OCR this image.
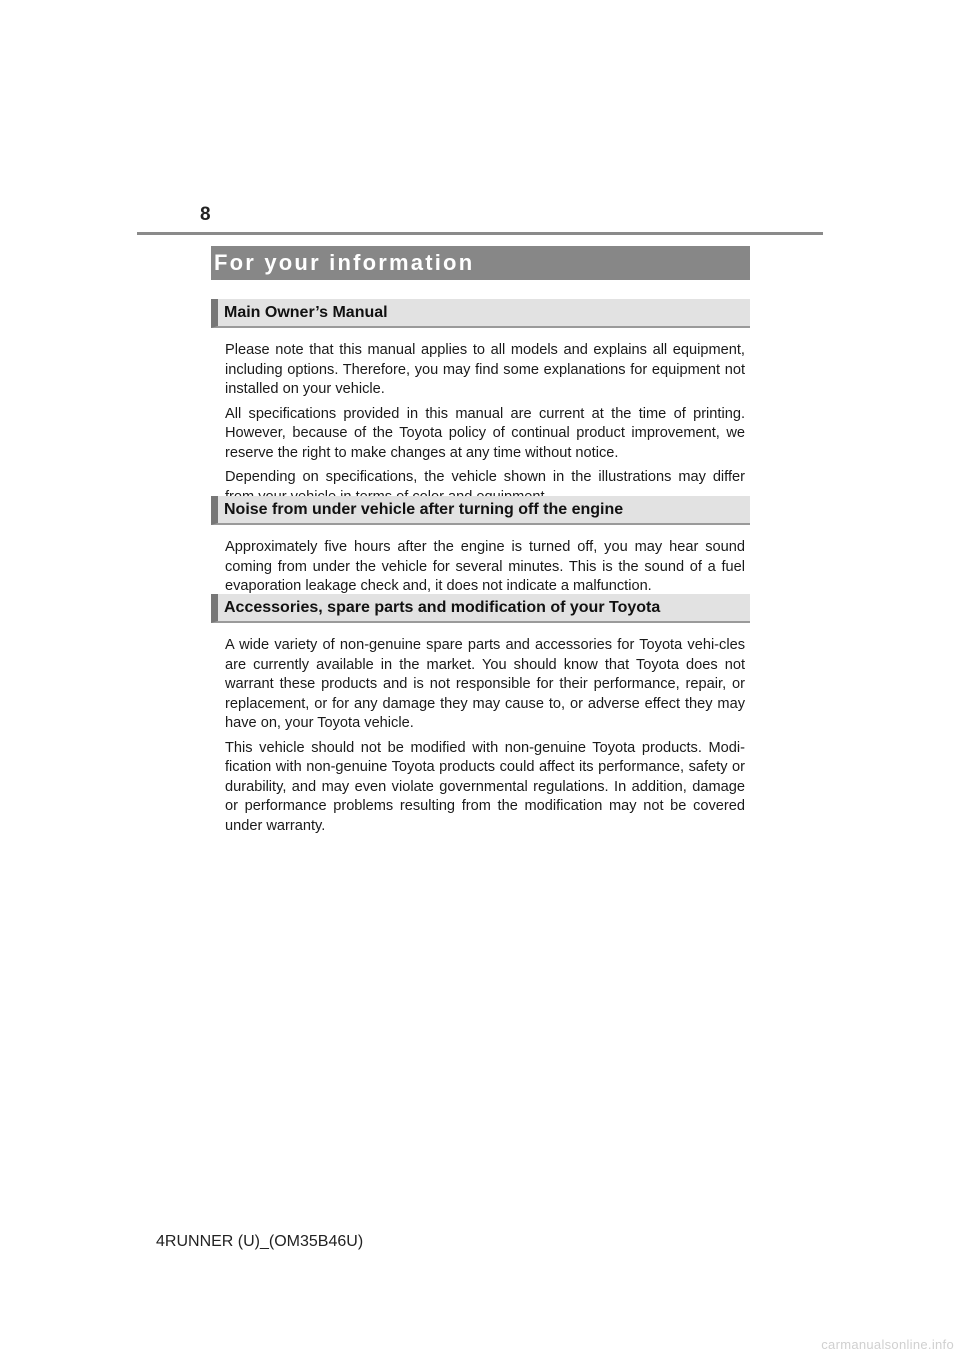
8
For your information
Main Owner’s Manual

Please note that this manual applies to all models and explains all equipment, including options. Therefore, you may find some explanations for equipment not installed on your vehicle.

All specifications provided in this manual are current at the time of printing. However, because of the Toyota policy of continual product improvement, we reserve the right to make changes at any time without notice.

Depending on specifications, the vehicle shown in the illustrations may differ

Noise from under vehicle after turning off the engine

Approximately five hours after the engine is turned off, you may hear sound coming from under the vehicle for several minutes. This is the sound of a fuel evaporation leakage check and, it does not indicate a malfunction.

Accessories, spare parts and modification of your Toyota

A wide variety of non-genuine spare parts and accessories for Toyota vehi-cles are currently available in the market. You should know that Toyota does not warrant these products and is not responsible for their performance, repair, or replacement, or for any damage they may cause to, or adverse effect they may have on, your Toyota vehicle.

This vehicle should not be modified with non-genuine Toyota products. Modi-fication with non-genuine Toyota products could affect its performance, safety or durability, and may even violate governmental regulations. In addition, damage or performance problems resulting from the modification may not be covered under warranty.

4RUNNER (U)_(OM35B46U)
carmanualsonline.info
